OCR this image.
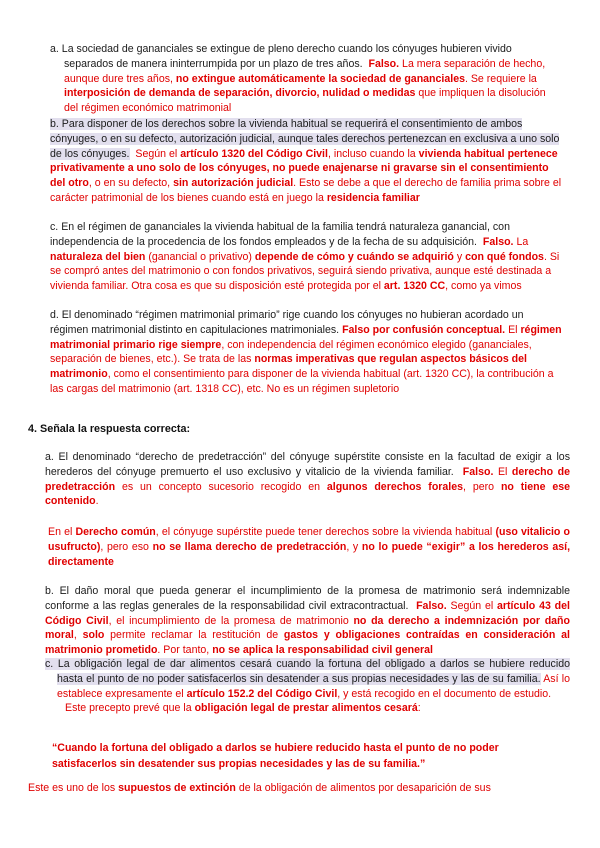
a. La sociedad de gananciales se extingue de pleno derecho cuando los cónyuges hubieren vivido
separados de manera ininterrumpida por un plazo de tres años. Falso. La mera separación de hecho, aunque dure tres años, no extingue automáticamente la sociedad de gananciales. Se requiere la interposición de demanda de separación, divorcio, nulidad o medidas que impliquen la disolución del régimen económico matrimonial
b. Para disponer de los derechos sobre la vivienda habitual se requerirá el consentimiento de ambos cónyuges, o en su defecto, autorización judicial, aunque tales derechos pertenezcan en exclusiva a uno solo de los cónyuges. Según el artículo 1320 del Código Civil, incluso cuando la vivienda habitual pertenece privativamente a uno solo de los cónyuges, no puede enajenarse ni gravarse sin el consentimiento del otro, o en su defecto, sin autorización judicial. Esto se debe a que el derecho de familia prima sobre el carácter patrimonial de los bienes cuando está en juego la residencia familiar
c. En el régimen de gananciales la vivienda habitual de la familia tendrá naturaleza ganancial, con independencia de la procedencia de los fondos empleados y de la fecha de su adquisición. Falso. La naturaleza del bien (ganancial o privativo) depende de cómo y cuándo se adquirió y con qué fondos. Si se compró antes del matrimonio o con fondos privativos, seguirá siendo privativa, aunque esté destinada a vivienda familiar. Otra cosa es que su disposición esté protegida por el art. 1320 CC, como ya vimos
d. El denominado “régimen matrimonial primario” rige cuando los cónyuges no hubieran acordado un régimen matrimonial distinto en capitulaciones matrimoniales. Falso por confusión conceptual. El régimen matrimonial primario rige siempre, con independencia del régimen económico elegido (gananciales, separación de bienes, etc.). Se trata de las normas imperativas que regulan aspectos básicos del matrimonio, como el consentimiento para disponer de la vivienda habitual (art. 1320 CC), la contribución a las cargas del matrimonio (art. 1318 CC), etc. No es un régimen supletorio
4. Señala la respuesta correcta:
a. El denominado “derecho de predetracción” del cónyuge supérstite consiste en la facultad de exigir a los herederos del cónyuge premuerto el uso exclusivo y vitalicio de la vivienda familiar. Falso. El derecho de predetracción es un concepto sucesorio recogido en algunos derechos forales, pero no tiene ese contenido.
En el Derecho común, el cónyuge supérstite puede tener derechos sobre la vivienda habitual (uso vitalicio o usufructo), pero eso no se llama derecho de predetracción, y no lo puede “exigir” a los herederos así, directamente
b. El daño moral que pueda generar el incumplimiento de la promesa de matrimonio será indemnizable conforme a las reglas generales de la responsabilidad civil extracontractual. Falso. Según el artículo 43 del Código Civil, el incumplimiento de la promesa de matrimonio no da derecho a indemnización por daño moral, solo permite reclamar la restitución de gastos y obligaciones contraídas en consideración al matrimonio prometido. Por tanto, no se aplica la responsabilidad civil general
c. La obligación legal de dar alimentos cesará cuando la fortuna del obligado a darlos se hubiere reducido hasta el punto de no poder satisfacerlos sin desatender a sus propias necesidades y las de su familia. Así lo establece expresamente el artículo 152.2 del Código Civil, y está recogido en el documento de estudio.
Este precepto prevé que la obligación legal de prestar alimentos cesará:
“Cuando la fortuna del obligado a darlos se hubiere reducido hasta el punto de no poder satisfacerlos sin desatender sus propias necesidades y las de su familia.”
Este es uno de los supuestos de extinción de la obligación de alimentos por desaparición de sus
